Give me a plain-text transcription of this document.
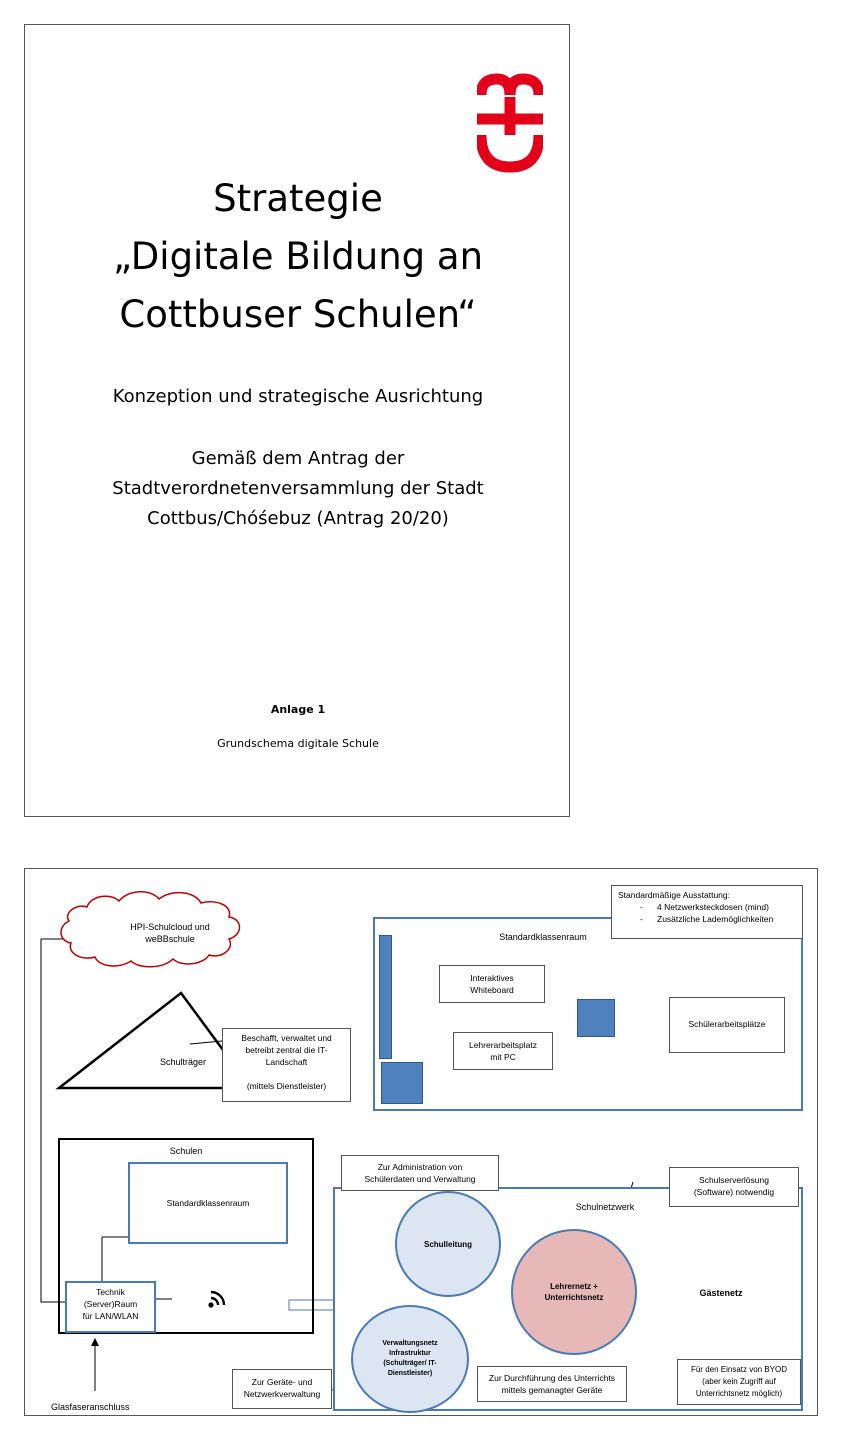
Strategie
„Digitale Bildung an
Cottbuser Schulen“
Konzeption und strategische Ausrichtung
Gemäß dem Antrag der
Stadtverordnetenversammlung der Stadt
Cottbus/Chóśebuz (Antrag 20/20)
Anlage 1
Grundschema digitale Schule
HPI-Schulcloud und weBBschule
Schulträger
Beschafft, verwaltet und
betreibt zentral die IT-
Landschaft
(mittels Dienstleister)
Standardklassenraum
Standardmäßige Ausstattung:
-      4 Netzwerksteckdosen (mind)
-      Zusätzliche Lademöglichkeiten
Interaktives
Whiteboard
Lehrerarbeitsplatz
mit PC
Schülerarbeitsplätze
Schulen
Standardklassenraum
Technik
(Server)Raum
für LAN/WLAN
Glasfaseranschluss
Schulnetzwerk
Zur Administration von
Schülerdaten und Verwaltung	Schulserverlösung
(Software) notwendig
Schulleitung
Lehrernetz +
Unterrichtsnetz	Gästenetz
Verwaltungsnetz
Infrastruktur
(Schulträger/ IT-
Dienstleister)
Zur Geräte- und
Netzwerkverwaltung
Zur Durchführung des Unterrichts
mittels gemanagter Geräte
Für den Einsatz von BYOD
(aber kein Zugriff auf
Unterrichtsnetz möglich)
